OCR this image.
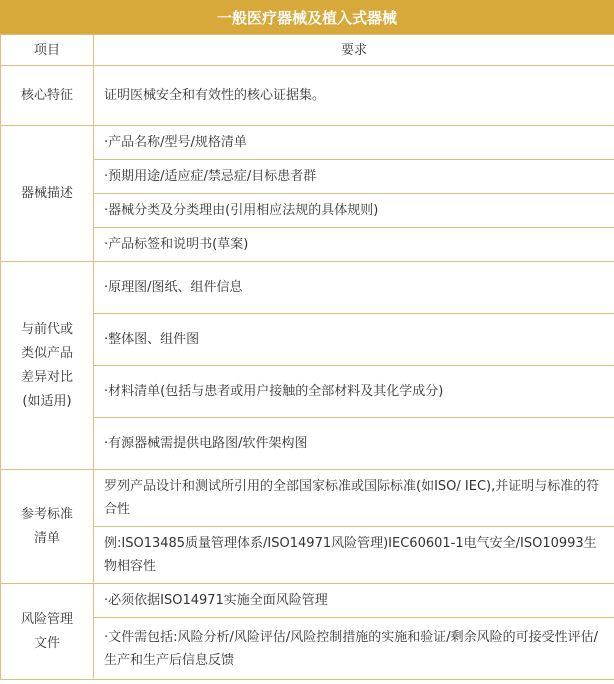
一般医疗器械及植入式器械
项目	要求

核心特征	证明医械安全和有效性的核心证据集。

器械描述	·产品名称/型号/规格清单

	·预期用途/适应症/禁忌症/目标患者群

	·器械分类及分类理由(引用相应法规的具体规则)

	·产品标签和说明书(草案)

与前代或类似产品差异对比(如适用)	·原理图/图纸、组件信息

	·整体图、组件图

	·材料清单(包括与患者或用户接触的全部材料及其化学成分)

	·有源器械需提供电路图/软件架构图

参考标准清单	罗列产品设计和测试所引用的全部国家标准或国际标准(如ISO/ IEC),并证明与标准的符合性

	例:ISO13485质量管理体系/ISO14971风险管理)IEC60601-1电气安全/ISO10993生物相容性

风险管理文件	·必须依据ISO14971实施全面风险管理

	·文件需包括:风险分析/风险评估/风险控制措施的实施和验证/剩余风险的可接受性评估/生产和生产后信息反馈
